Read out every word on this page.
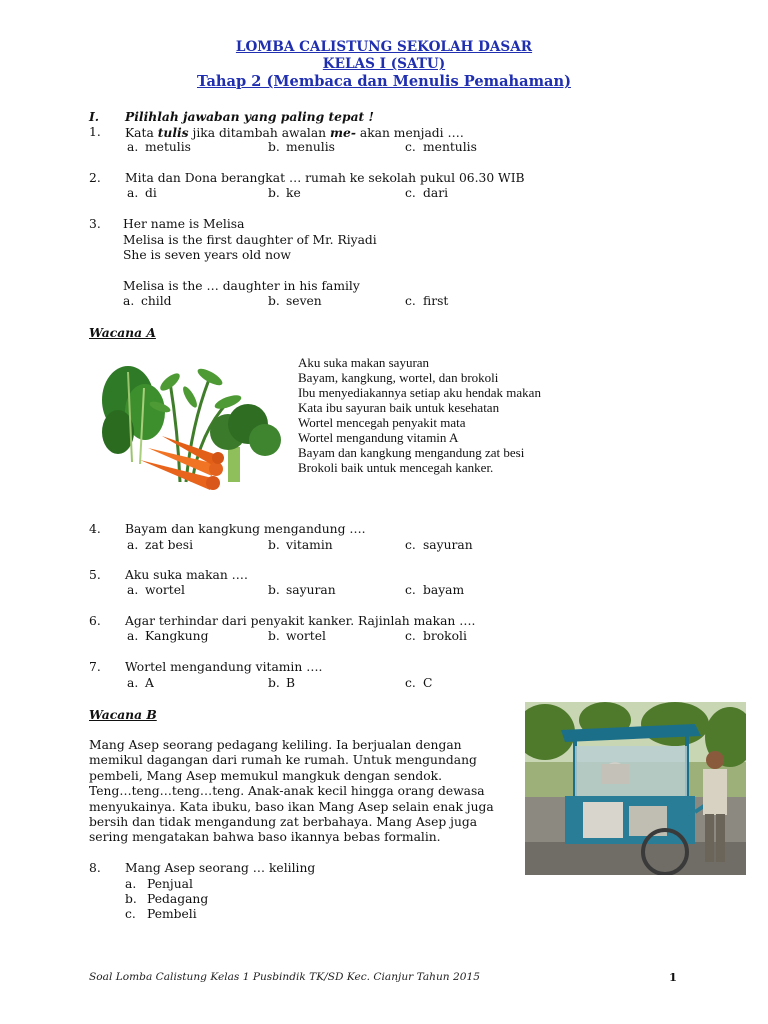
LOMBA CALISTUNG SEKOLAH DASAR
KELAS I (SATU)
Tahap 2 (Membaca dan Menulis Pemahaman)
I. Pilihlah jawaban yang paling tepat !
1. Kata tulis jika ditambah awalan me- akan menjadi ….
a. metulis	b. menulis	c. mentulis
2. Mita dan Dona berangkat … rumah ke sekolah pukul 06.30 WIB
a. di	b. ke	c. dari
3. Her name is Melisa
Melisa is the first daughter of Mr. Riyadi
She is seven years old now
Melisa is the … daughter in his family
a. child	b. seven	c. first
Wacana A
Aku suka makan sayuran
Bayam, kangkung, wortel, dan brokoli
Ibu menyediakannya setiap aku hendak makan
Kata ibu sayuran baik untuk kesehatan
Wortel mencegah penyakit mata
Wortel mengandung vitamin A
Bayam dan kangkung mengandung zat besi
Brokoli baik untuk mencegah kanker.
4. Bayam dan kangkung mengandung ….
a. zat besi	b. vitamin	c. sayuran
5. Aku suka makan ….
a. wortel	b. sayuran	c. bayam
6. Agar terhindar dari penyakit kanker. Rajinlah makan ….
a. Kangkung	b. wortel	c. brokoli
7. Wortel mengandung vitamin ….
a. A	b. B	c. C
Wacana B
Mang Asep seorang pedagang keliling. Ia berjualan dengan
memikul dagangan dari rumah ke rumah. Untuk mengundang
pembeli, Mang Asep memukul mangkuk dengan sendok.
Teng…teng…teng…teng. Anak-anak kecil hingga orang dewasa
menyukainya. Kata ibuku, baso ikan Mang Asep selain enak juga
bersih dan tidak mengandung zat berbahaya. Mang Asep juga
sering mengatakan bahwa baso ikannya bebas formalin.
8. Mang Asep seorang … keliling
a. Penjual
b. Pedagang
c. Pembeli
Soal Lomba Calistung Kelas 1 Pusbindik TK/SD Kec. Cianjur Tahun 2015	1
